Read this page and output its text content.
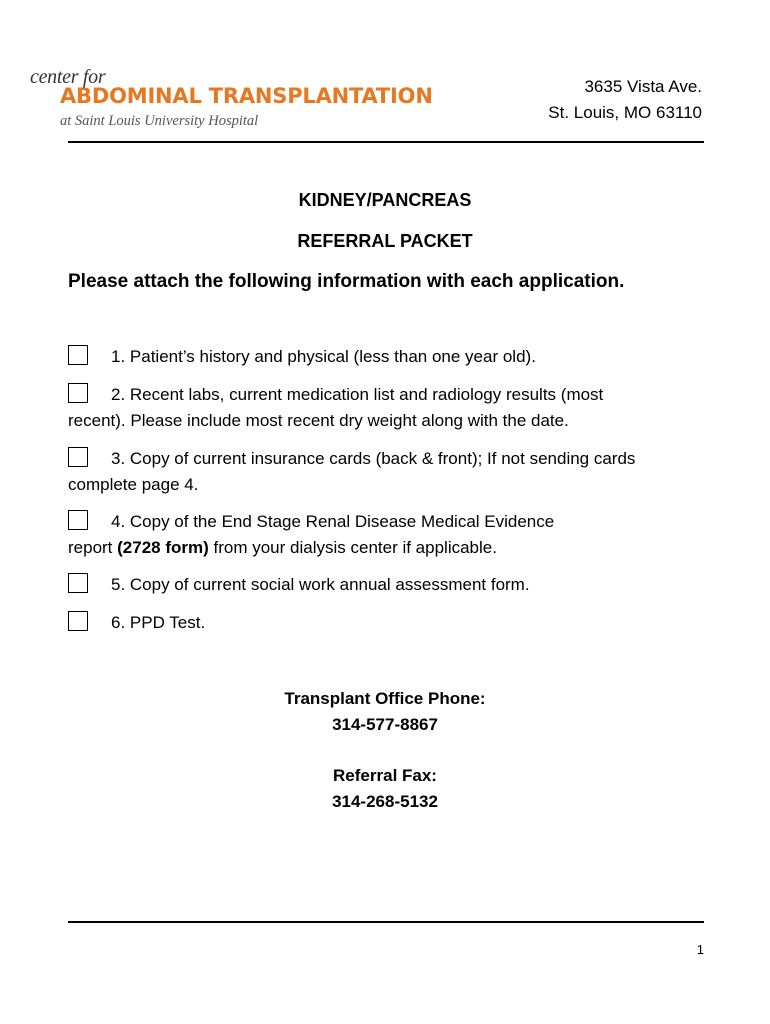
center for
ABDOMINAL TRANSPLANTATION
at Saint Louis University Hospital
3635 Vista Ave.
St. Louis, MO 63110
KIDNEY/PANCREAS
REFERRAL PACKET
Please attach the following information with each application.
1. Patient’s history and physical (less than one year old).
2. Recent labs, current medication list and radiology results (most
recent). Please include most recent dry weight along with the date.
3. Copy of current insurance cards (back & front); If not sending cards
complete page 4.
4. Copy of the End Stage Renal Disease Medical Evidence
report (2728 form) from your dialysis center if applicable.
5. Copy of current social work annual assessment form.
6. PPD Test.
Transplant Office Phone:
314-577-8867
Referral Fax:
314-268-5132
1
